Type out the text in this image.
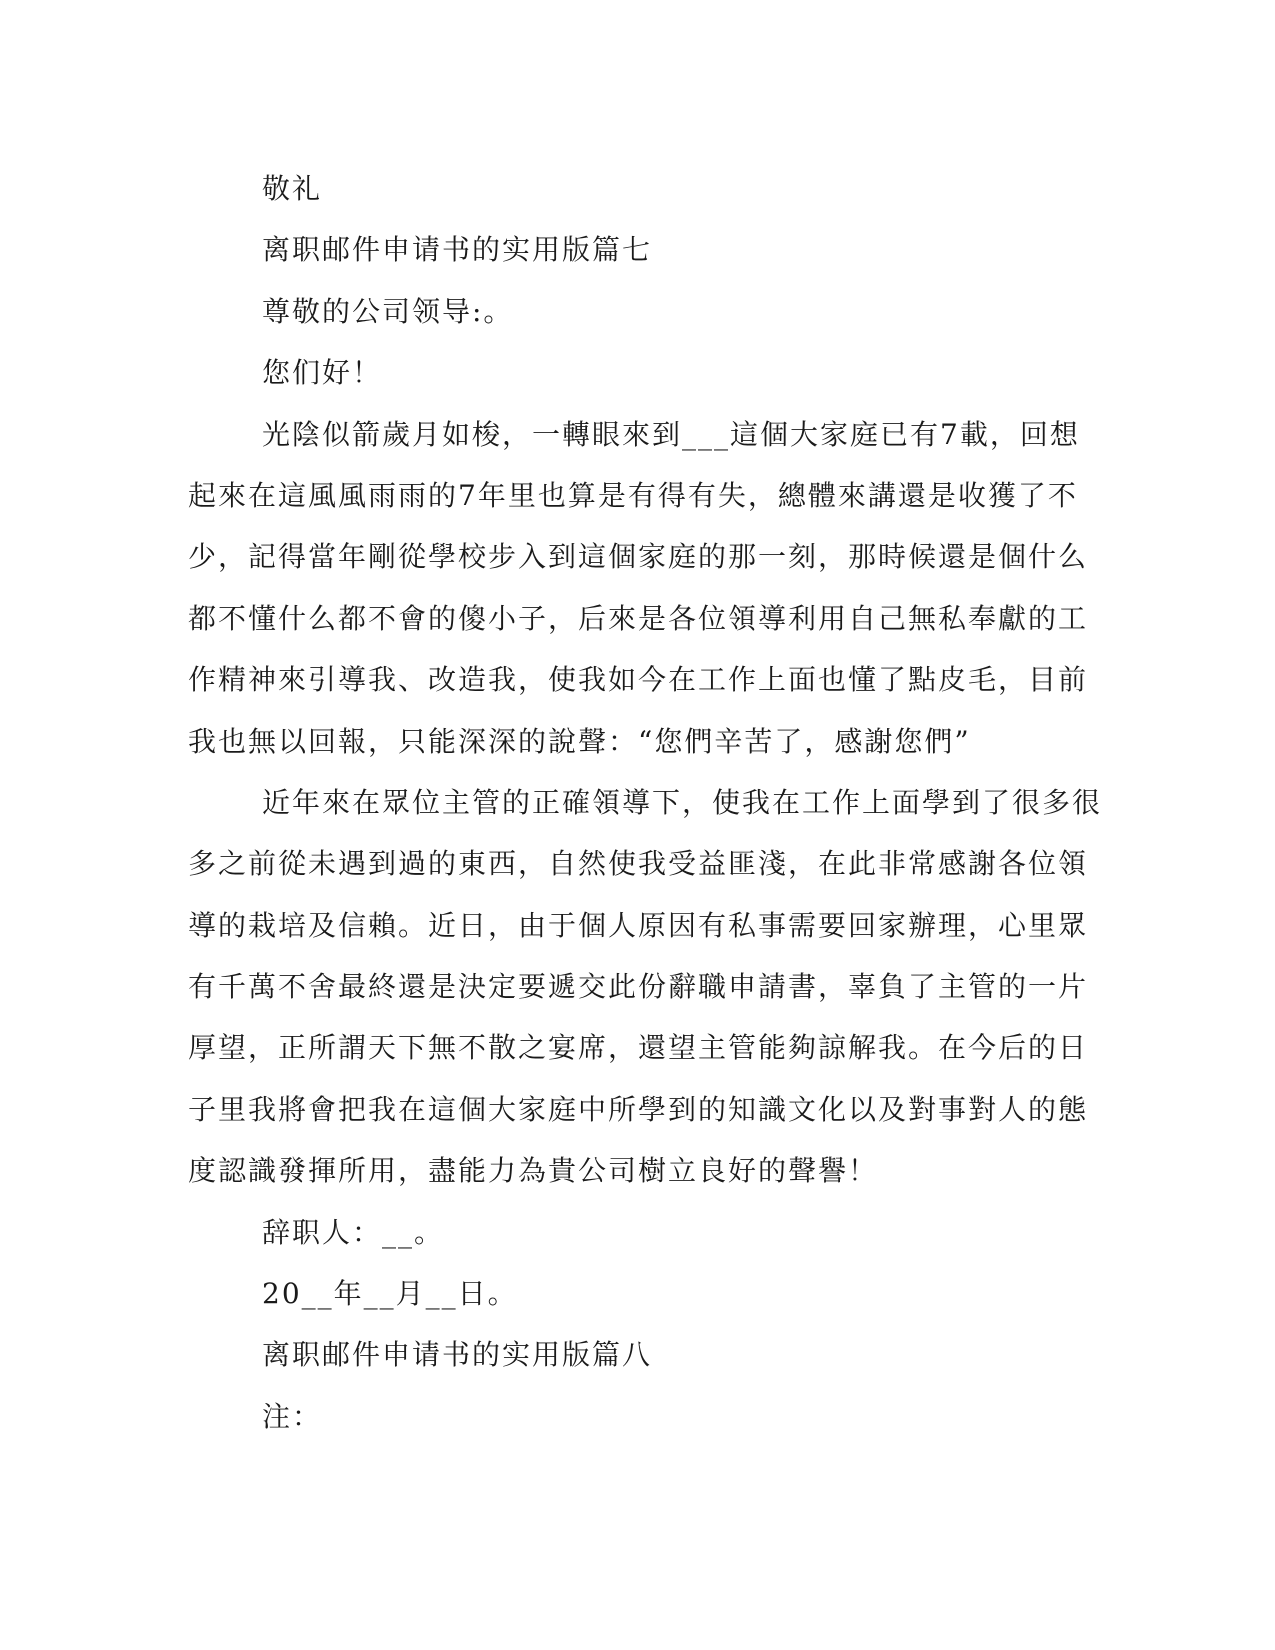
敬礼

离职邮件申请书的实用版篇七

尊敬的公司领导:。

您们好！

光陰似箭歲月如梭，一轉眼來到___這個大家庭已有7載，回想

起來在這風風雨雨的7年里也算是有得有失，總體來講還是收獲了不

少，記得當年剛從學校步入到這個家庭的那一刻，那時候還是個什么

都不懂什么都不會的傻小子，后來是各位領導利用自己無私奉獻的工

作精神來引導我、改造我，使我如今在工作上面也懂了點皮毛，目前

我也無以回報，只能深深的說聲：“您們辛苦了，感謝您們”

近年來在眾位主管的正確領導下，使我在工作上面學到了很多很

多之前從未遇到過的東西，自然使我受益匪淺，在此非常感謝各位領

導的栽培及信賴。近日，由于個人原因有私事需要回家辦理，心里眾

有千萬不舍最終還是決定要遞交此份辭職申請書，辜負了主管的一片

厚望，正所謂天下無不散之宴席，還望主管能夠諒解我。在今后的日

子里我將會把我在這個大家庭中所學到的知識文化以及對事對人的態

度認識發揮所用，盡能力為貴公司樹立良好的聲譽！

辞职人：__。

20__年__月__日。

离职邮件申请书的实用版篇八

注：
